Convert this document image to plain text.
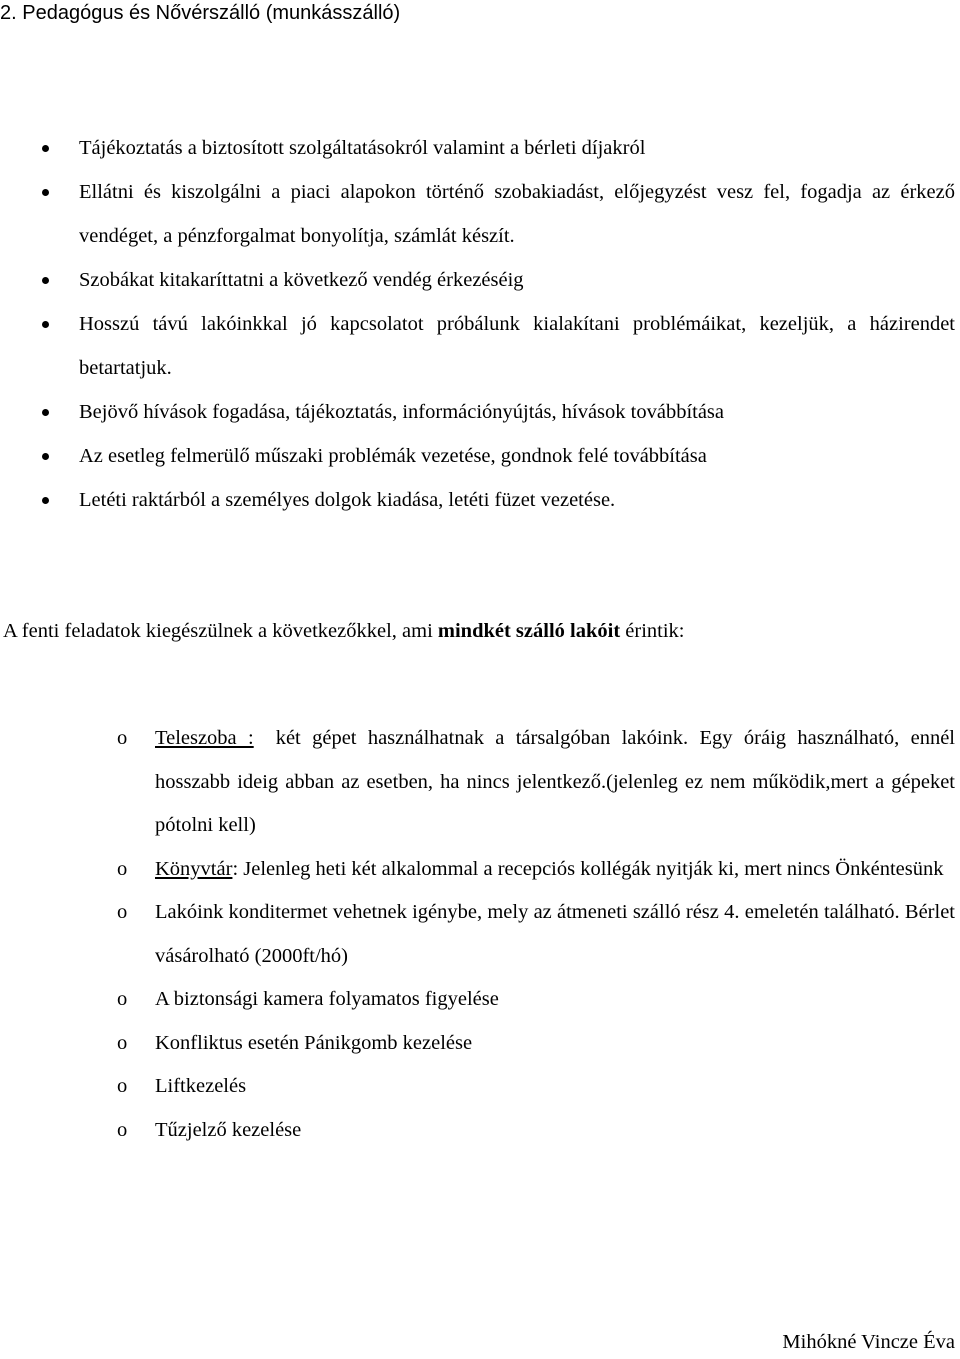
2. Pedagógus és Nővérszálló (munkásszálló)
Tájékoztatás a biztosított szolgáltatásokról valamint a bérleti díjakról
Ellátni és kiszolgálni a piaci alapokon történő szobakiadást, előjegyzést vesz fel, fogadja az érkező vendéget, a pénzforgalmat bonyolítja, számlát készít.
Szobákat kitakaríttatni a következő vendég érkezéséig
Hosszú távú lakóinkkal jó kapcsolatot próbálunk kialakítani problémáikat, kezeljük, a házirendet betartatjuk.
Bejövő hívások fogadása, tájékoztatás, információnyújtás, hívások továbbítása
Az esetleg felmerülő műszaki problémák vezetése, gondnok felé továbbítása
Letéti raktárból a személyes dolgok kiadása, letéti füzet vezetése.

A fenti feladatok kiegészülnek a következőkkel, ami mindkét szálló lakóit érintik:

o Teleszoba : két gépet használhatnak a társalgóban lakóink. Egy óráig használható, ennél hosszabb ideig abban az esetben, ha nincs jelentkező.(jelenleg ez nem működik,mert a gépeket pótolni kell)
o Könyvtár: Jelenleg heti két alkalommal a recepciós kollégák nyitják ki, mert nincs Önkéntesünk
o Lakóink konditermet vehetnek igénybe, mely az átmeneti szálló rész 4. emeletén található. Bérlet vásárolható (2000ft/hó)
o A biztonsági kamera folyamatos figyelése
o Konfliktus esetén Pánikgomb kezelése
o Liftkezelés
o Tűzjelző kezelése
Mihókné Vincze Éva
